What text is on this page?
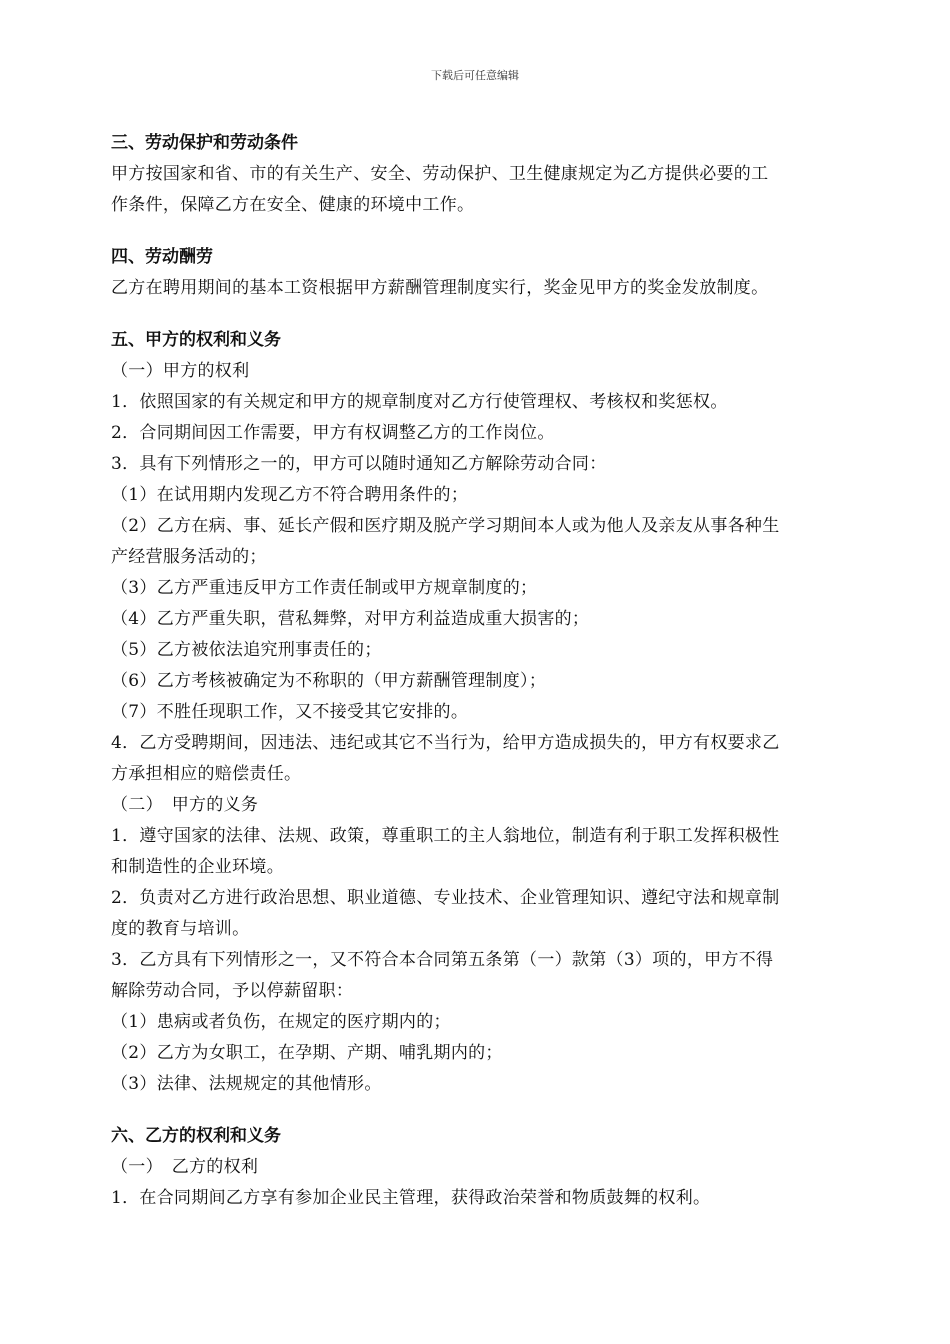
下载后可任意编辑
三、劳动保护和劳动条件
甲方按国家和省、市的有关生产、安全、劳动保护、卫生健康规定为乙方提供必要的工
作条件，保障乙方在安全、健康的环境中工作。
四、劳动酬劳
乙方在聘用期间的基本工资根据甲方薪酬管理制度实行，奖金见甲方的奖金发放制度。
五、甲方的权利和义务
（一）甲方的权利
1．依照国家的有关规定和甲方的规章制度对乙方行使管理权、考核权和奖惩权。
2．合同期间因工作需要，甲方有权调整乙方的工作岗位。
3．具有下列情形之一的，甲方可以随时通知乙方解除劳动合同：
（1）在试用期内发现乙方不符合聘用条件的；
（2）乙方在病、事、延长产假和医疗期及脱产学习期间本人或为他人及亲友从事各种生
产经营服务活动的；
（3）乙方严重违反甲方工作责任制或甲方规章制度的；
（4）乙方严重失职，营私舞弊，对甲方利益造成重大损害的；
（5）乙方被依法追究刑事责任的；
（6）乙方考核被确定为不称职的（甲方薪酬管理制度）；
（7）不胜任现职工作，又不接受其它安排的。
4．乙方受聘期间，因违法、违纪或其它不当行为，给甲方造成损失的，甲方有权要求乙
方承担相应的赔偿责任。
（二）　甲方的义务
1．遵守国家的法律、法规、政策，尊重职工的主人翁地位，制造有利于职工发挥积极性
和制造性的企业环境。
2．负责对乙方进行政治思想、职业道德、专业技术、企业管理知识、遵纪守法和规章制
度的教育与培训。
3．乙方具有下列情形之一，又不符合本合同第五条第（一）款第（3）项的，甲方不得
解除劳动合同，予以停薪留职：
（1）患病或者负伤，在规定的医疗期内的；
（2）乙方为女职工，在孕期、产期、哺乳期内的；
（3）法律、法规规定的其他情形。
六、乙方的权利和义务
（一）　乙方的权利
1．在合同期间乙方享有参加企业民主管理，获得政治荣誉和物质鼓舞的权利。
